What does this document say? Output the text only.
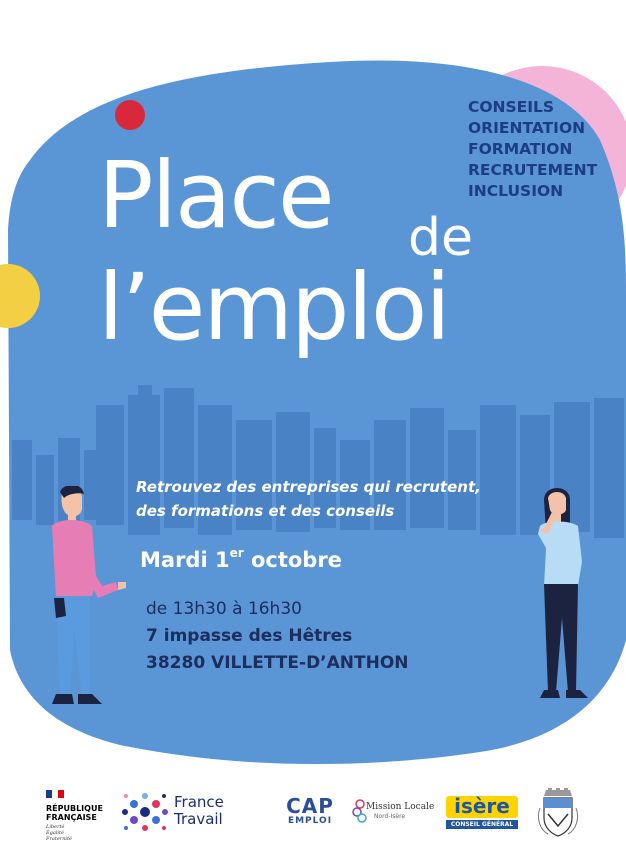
CONSEILS
ORIENTATION
FORMATION
RECRUTEMENT
INCLUSION
Place de
l’emploi
Retrouvez des entreprises qui recrutent,
des formations et des conseils
Mardi 1er octobre
de 13h30 à 16h30
7 impasse des Hêtres
38280 VILLETTE-D’ANTHON
RÉPUBLIQUE
FRANÇAISE
Liberté
Égalité
Fraternité
France
Travail
CAP
EMPLOI
Mission Locale
Nord-Isère	isère
CONSEIL GÉNÉRAL
